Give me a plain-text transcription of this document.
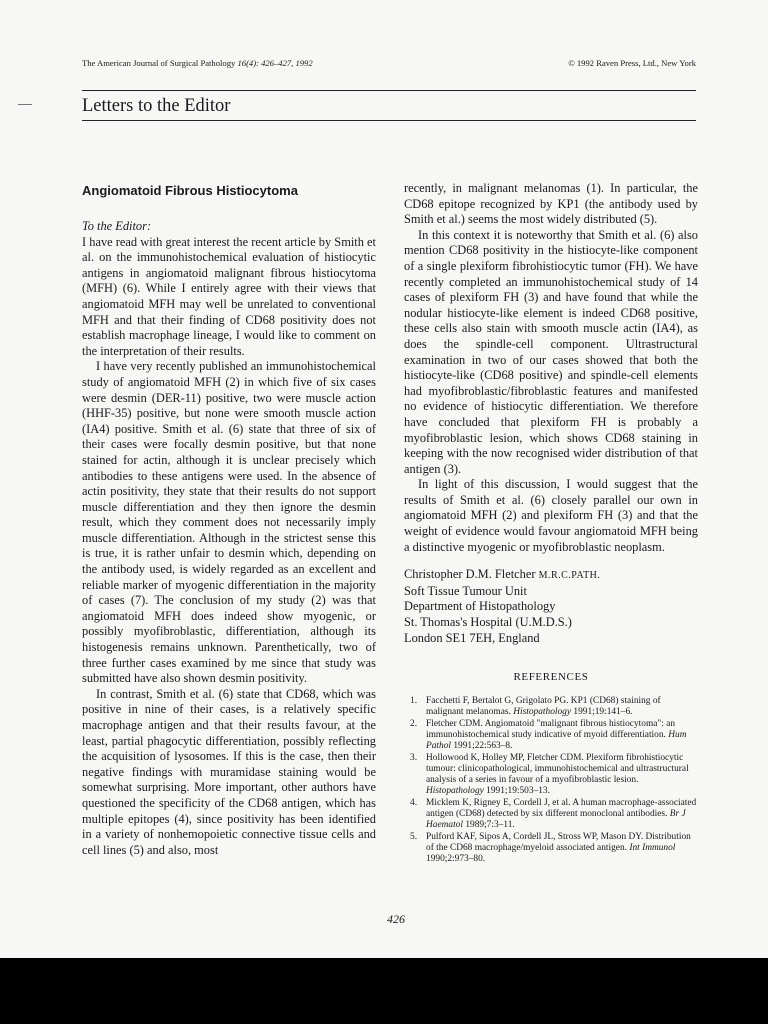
The American Journal of Surgical Pathology 16(4): 426–427, 1992	© 1992 Raven Press, Ltd., New York
Letters to the Editor
Angiomatoid Fibrous Histiocytoma

To the Editor:

I have read with great interest the recent article by Smith et al. on the immunohistochemical evaluation of histiocytic antigens in angiomatoid malignant fibrous histiocytoma (MFH) (6). While I entirely agree with their views that angiomatoid MFH may well be unrelated to conventional MFH and that their finding of CD68 positivity does not establish macrophage lineage, I would like to comment on the interpretation of their results.

I have very recently published an immunohistochemical study of angiomatoid MFH (2) in which five of six cases were desmin (DER-11) positive, two were muscle action (HHF-35) positive, but none were smooth muscle action (IA4) positive. Smith et al. (6) state that three of six of their cases were focally desmin positive, but that none stained for actin, although it is unclear precisely which antibodies to these antigens were used. In the absence of actin positivity, they state that their results do not support muscle differentiation and they then ignore the desmin result, which they comment does not necessarily imply muscle differentiation. Although in the strictest sense this is true, it is rather unfair to desmin which, depending on the antibody used, is widely regarded as an excellent and reliable marker of myogenic differentiation in the majority of cases (7). The conclusion of my study (2) was that angiomatoid MFH does indeed show myogenic, or possibly myofibroblastic, differentiation, although its histogenesis remains unknown. Parenthetically, two of three further cases examined by me since that study was submitted have also shown desmin positivity.

In contrast, Smith et al. (6) state that CD68, which was positive in nine of their cases, is a relatively specific macrophage antigen and that their results favour, at the least, partial phagocytic differentiation, possibly reflecting the acquisition of lysosomes. If this is the case, then their negative findings with muramidase staining would be somewhat surprising. More important, other authors have questioned the specificity of the CD68 antigen, which has multiple epitopes (4), since positivity has been identified in a variety of nonhemopoietic connective tissue cells and cell lines (5) and also, most

recently, in malignant melanomas (1). In particular, the CD68 epitope recognized by KP1 (the antibody used by Smith et al.) seems the most widely distributed (5).

In this context it is noteworthy that Smith et al. (6) also mention CD68 positivity in the histiocyte-like component of a single plexiform fibrohistiocytic tumor (FH). We have recently completed an immunohistochemical study of 14 cases of plexiform FH (3) and have found that while the nodular histiocyte-like element is indeed CD68 positive, these cells also stain with smooth muscle actin (IA4), as does the spindle-cell component. Ultrastructural examination in two of our cases showed that both the histiocyte-like (CD68 positive) and spindle-cell elements had myofibroblastic/fibroblastic features and manifested no evidence of histiocytic differentiation. We therefore have concluded that plexiform FH is probably a myofibroblastic lesion, which shows CD68 staining in keeping with the now recognised wider distribution of that antigen (3).

In light of this discussion, I would suggest that the results of Smith et al. (6) closely parallel our own in angiomatoid MFH (2) and plexiform FH (3) and that the weight of evidence would favour angiomatoid MFH being a distinctive myogenic or myofibroblastic neoplasm.

Christopher D.M. Fletcher M.R.C.PATH.
Soft Tissue Tumour Unit
Department of Histopathology
St. Thomas's Hospital (U.M.D.S.)
London SE1 7EH, England
REFERENCES
1. Facchetti F, Bertalot G, Grigolato PG. KP1 (CD68) staining of malignant melanomas. Histopathology 1991;19:141–6.
2. Fletcher CDM. Angiomatoid "malignant fibrous histiocytoma": an immunohistochemical study indicative of myoid differentiation. Hum Pathol 1991;22:563–8.
3. Hollowood K, Holley MP, Fletcher CDM. Plexiform fibrohistiocytic tumour: clinicopathological, immunohistochemical and ultrastructural analysis of a series in favour of a myofibroblastic lesion. Histopathology 1991;19:503–13.
4. Micklem K, Rigney E, Cordell J, et al. A human macrophage-associated antigen (CD68) detected by six different monoclonal antibodies. Br J Haematol 1989;7:3–11.
5. Pulford KAF, Sipos A, Cordell JL, Stross WP, Mason DY. Distribution of the CD68 macrophage/myeloid associated antigen. Int Immunol 1990;2:973–80.
426
